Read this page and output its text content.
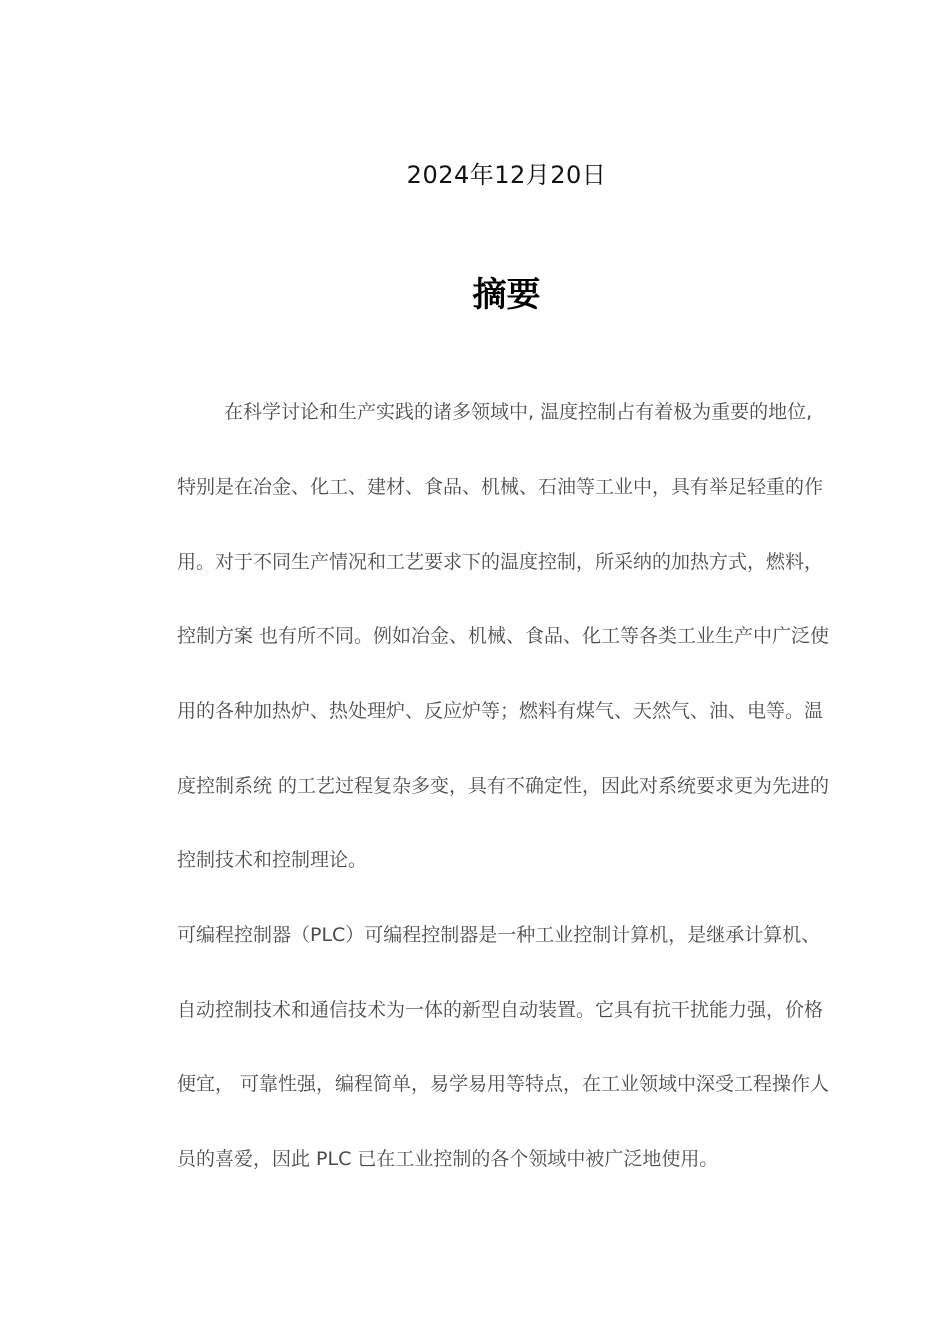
2024年12月20日
摘要
在科学讨论和生产实践的诸多领域中, 温度控制占有着极为重要的地位,
特别是在冶金、化工、建材、食品、机械、石油等工业中，具有举足轻重的作
用。对于不同生产情况和工艺要求下的温度控制，所采纳的加热方式，燃料，
控制方案 也有所不同。例如冶金、机械、食品、化工等各类工业生产中广泛使
用的各种加热炉、热处理炉、反应炉等；燃料有煤气、天然气、油、电等。温
度控制系统 的工艺过程复杂多变，具有不确定性，因此对系统要求更为先进的
控制技术和控制理论。
可编程控制器（PLC）可编程控制器是一种工业控制计算机，是继承计算机、
自动控制技术和通信技术为一体的新型自动装置。它具有抗干扰能力强，价格
便宜， 可靠性强，编程简单，易学易用等特点，在工业领域中深受工程操作人
员的喜爱，因此 PLC 已在工业控制的各个领域中被广泛地使用。
